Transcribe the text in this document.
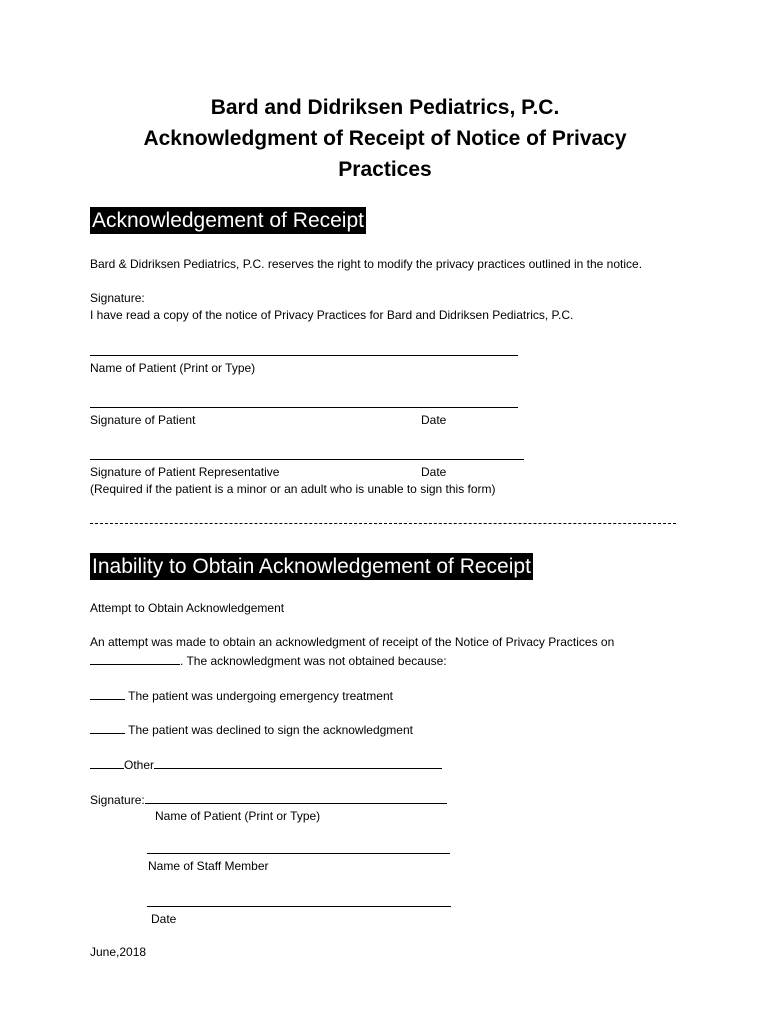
Bard and Didriksen Pediatrics, P.C.
Acknowledgment of Receipt of Notice of Privacy
Practices
Acknowledgement of Receipt
Bard & Didriksen Pediatrics, P.C. reserves the right to modify the privacy practices outlined in the notice.
Signature:
I have read a copy of the notice of Privacy Practices for Bard and Didriksen Pediatrics, P.C.
Name of Patient (Print or Type)
Signature of Patient	Date
Signature of Patient Representative	Date
(Required if the patient is a minor or an adult who is unable to sign this form)
Inability to Obtain Acknowledgement of Receipt
Attempt to Obtain Acknowledgement
An attempt was made to obtain an acknowledgment of receipt of the Notice of Privacy Practices on
. The acknowledgment was not obtained because:
The patient was undergoing emergency treatment
The patient was declined to sign the acknowledgment
Other
Signature:
Name of Patient (Print or Type)
Name of Staff Member
Date
June,2018
